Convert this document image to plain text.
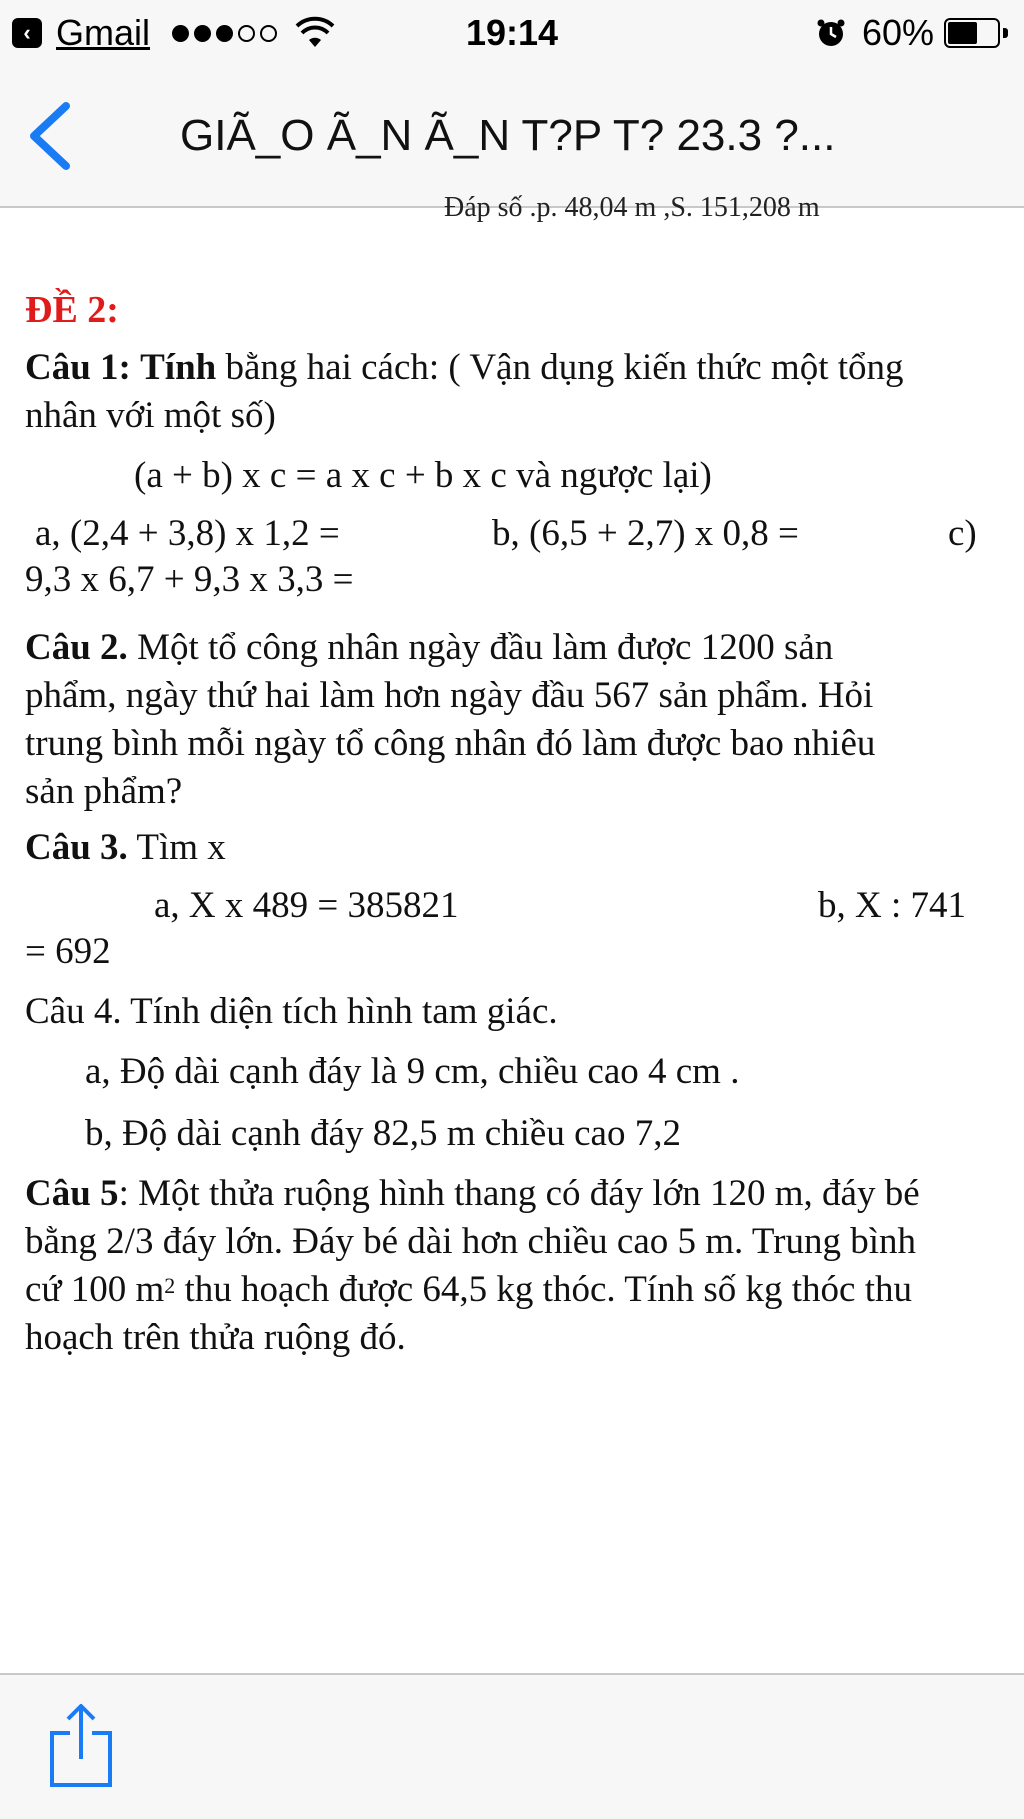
‹ Gmail	19:14	60%
GIÃ_O Ã_N Ã_N T?P T? 23.3 ?...
Đáp số .p. 48,04 m ,S. 151,208 m
ĐỀ 2:
Câu 1: Tính bằng hai cách: ( Vận dụng kiến thức một tổng
nhân với một số)
(a + b) x c = a x c + b x c và ngược lại)
a, (2,4 + 3,8) x 1,2 =	b, (6,5 + 2,7) x 0,8 =	c)
9,3 x 6,7 + 9,3 x 3,3 =
Câu 2. Một tổ công nhân ngày đầu làm được 1200 sản
phẩm, ngày thứ hai làm hơn ngày đầu 567 sản phẩm. Hỏi
trung bình mỗi ngày tổ công nhân đó làm được bao nhiêu
sản phẩm?
Câu 3. Tìm x
a, X x 489 = 385821	b, X : 741
= 692
Câu 4. Tính diện tích hình tam giác.
a, Độ dài cạnh đáy là 9 cm, chiều cao 4 cm .
b, Độ dài cạnh đáy 82,5 m chiều cao 7,2
Câu 5: Một thửa ruộng hình thang có đáy lớn 120 m, đáy bé
bằng 2/3 đáy lớn. Đáy bé dài hơn chiều cao 5 m. Trung bình
cứ 100 $m^2$ thu hoạch được 64,5 kg thóc. Tính số kg thóc thu
hoạch trên thửa ruộng đó.
